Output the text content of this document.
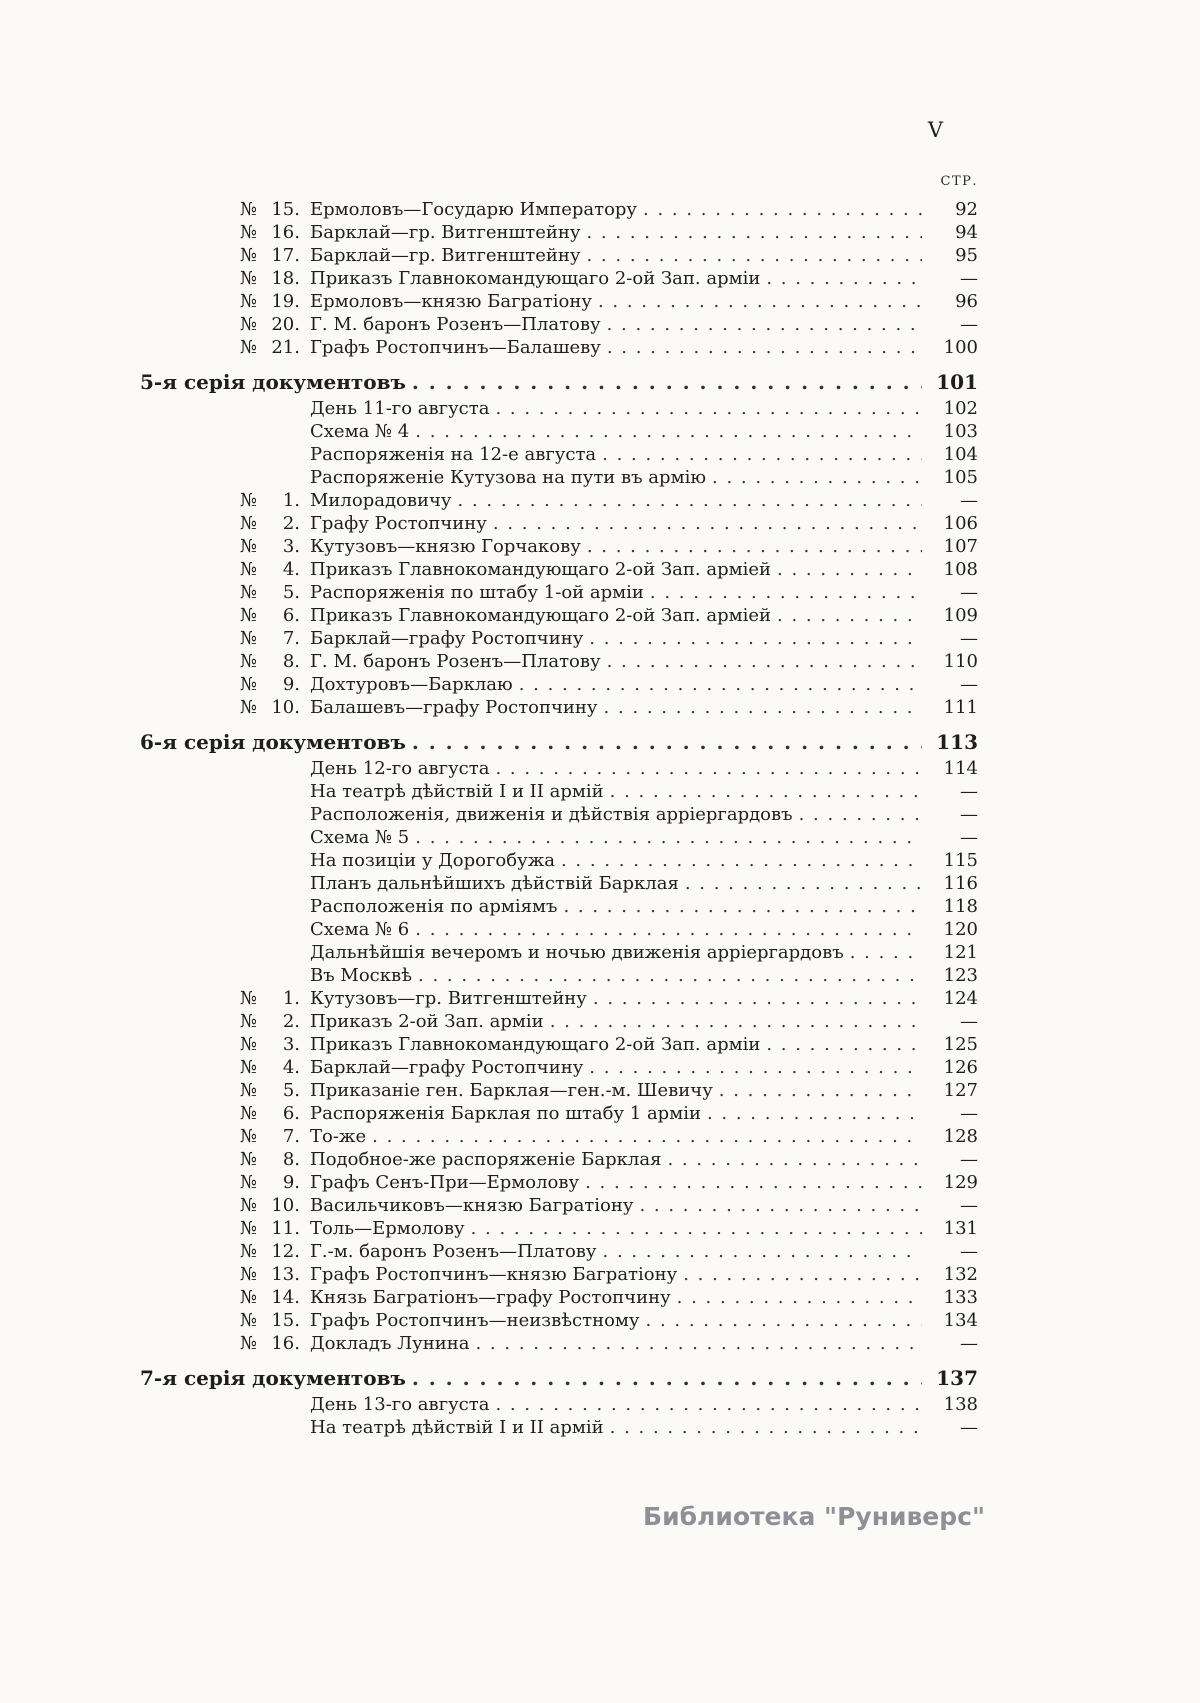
V
СТР.
№ 15. Ермоловъ—Государю Императору . . .	92
№ 16. Барклай—гр. Витгенштейну . . .	94
№ 17. Барклай—гр. Витгенштейну . . .	95
№ 18. Приказъ Главнокомандующаго 2-ой Зап. арміи . . .	—
№ 19. Ермоловъ—князю Багратіону . . .	96
№ 20. Г. М. баронъ Розенъ—Платову . . .	—
№ 21. Графъ Ростопчинъ—Балашеву . . .	100
5-я серія документовъ . . .	101
День 11-го августа . . .	102
Схема № 4 . . .	103
Распоряженія на 12-е августа . . .	104
Распоряженіе Кутузова на пути въ армію . . .	105
№ 1. Милорадовичу . . .	—
№ 2. Графу Ростопчину . . .	106
№ 3. Кутузовъ—князю Горчакову . . .	107
№ 4. Приказъ Главнокомандующаго 2-ой Зап. арміей . . .	108
№ 5. Распоряженія по штабу 1-ой арміи . . .	—
№ 6. Приказъ Главнокомандующаго 2-ой Зап. арміей . . .	109
№ 7. Барклай—графу Ростопчину . . .	—
№ 8. Г. М. баронъ Розенъ—Платову . . .	110
№ 9. Дохтуровъ—Барклаю . . .	—
№ 10. Балашевъ—графу Ростопчину . . .	111
6-я серія документовъ . . .	113
День 12-го августа . . .	114
На театрѣ дѣйствій I и II армій . . .	—
Расположенія, движенія и дѣйствія арріергардовъ . . .	—
Схема № 5 . . .	—
На позиціи у Дорогобужа . . .	115
Планъ дальнѣйшихъ дѣйствій Барклая . . .	116
Расположенія по арміямъ . . .	118
Схема № 6 . . .	120
Дальнѣйшія вечеромъ и ночью движенія арріергардовъ . . .	121
Въ Москвѣ . . .	123
№ 1. Кутузовъ—гр. Витгенштейну . . .	124
№ 2. Приказъ 2-ой Зап. арміи . . .	—
№ 3. Приказъ Главнокомандующаго 2-ой Зап. арміи . . .	125
№ 4. Барклай—графу Ростопчину . . .	126
№ 5. Приказаніе ген. Барклая—ген.-м. Шевичу . . .	127
№ 6. Распоряженія Барклая по штабу 1 арміи . . .	—
№ 7. То-же . . .	128
№ 8. Подобное-же распоряженіе Барклая . . .	—
№ 9. Графъ Сенъ-При—Ермолову . . .	129
№ 10. Васильчиковъ—князю Багратіону . . .	—
№ 11. Толь—Ермолову . . .	131
№ 12. Г.-м. баронъ Розенъ—Платову . . .	—
№ 13. Графъ Ростопчинъ—князю Багратіону . . .	132
№ 14. Князь Багратіонъ—графу Ростопчину . . .	133
№ 15. Графъ Ростопчинъ—неизвѣстному . . .	134
№ 16. Докладъ Лунина . . .	—
7-я серія документовъ . . .	137
День 13-го августа . . .	138
На театрѣ дѣйствій I и II армій . . .	—
Библиотека "Руниверс"
